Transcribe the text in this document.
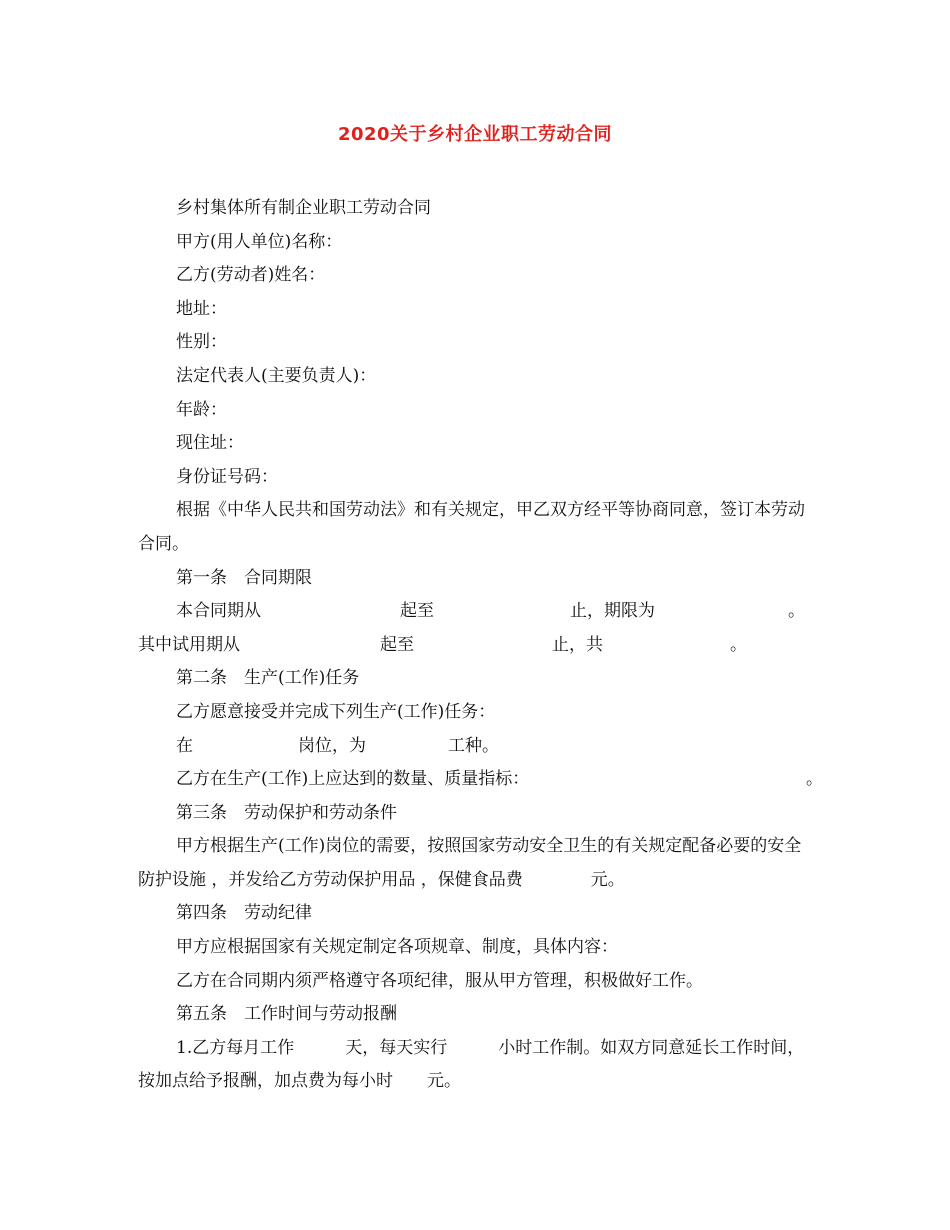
2020关于乡村企业职工劳动合同
乡村集体所有制企业职工劳动合同
甲方(用人单位)名称：
乙方(劳动者)姓名：
地址：
性别：
法定代表人(主要负责人)：
年龄：
现住址：
身份证号码：
根据《中华人民共和国劳动法》和有关规定，甲乙双方经平等协商同意，签订本劳动合同。
第一条　合同期限
本合同期从	起至	止，期限为	。
其中试用期从	起至	止，共	。
第二条　生产(工作)任务
乙方愿意接受并完成下列生产(工作)任务：
在	岗位，为	工种。
乙方在生产(工作)上应达到的数量、质量指标：	。
第三条　劳动保护和劳动条件
甲方根据生产(工作)岗位的需要，按照国家劳动安全卫生的有关规定配备必要的安全防护设施 ，并发给乙方劳动保护用品 ，保健食品费　　　　元。
第四条　劳动纪律
甲方应根据国家有关规定制定各项规章、制度，具体内容：
乙方在合同期内须严格遵守各项纪律，服从甲方管理，积极做好工作。
第五条　工作时间与劳动报酬
1.乙方每月工作　　　天，每天实行　　　小时工作制。如双方同意延长工作时间，按加点给予报酬，加点费为每小时　　元。
